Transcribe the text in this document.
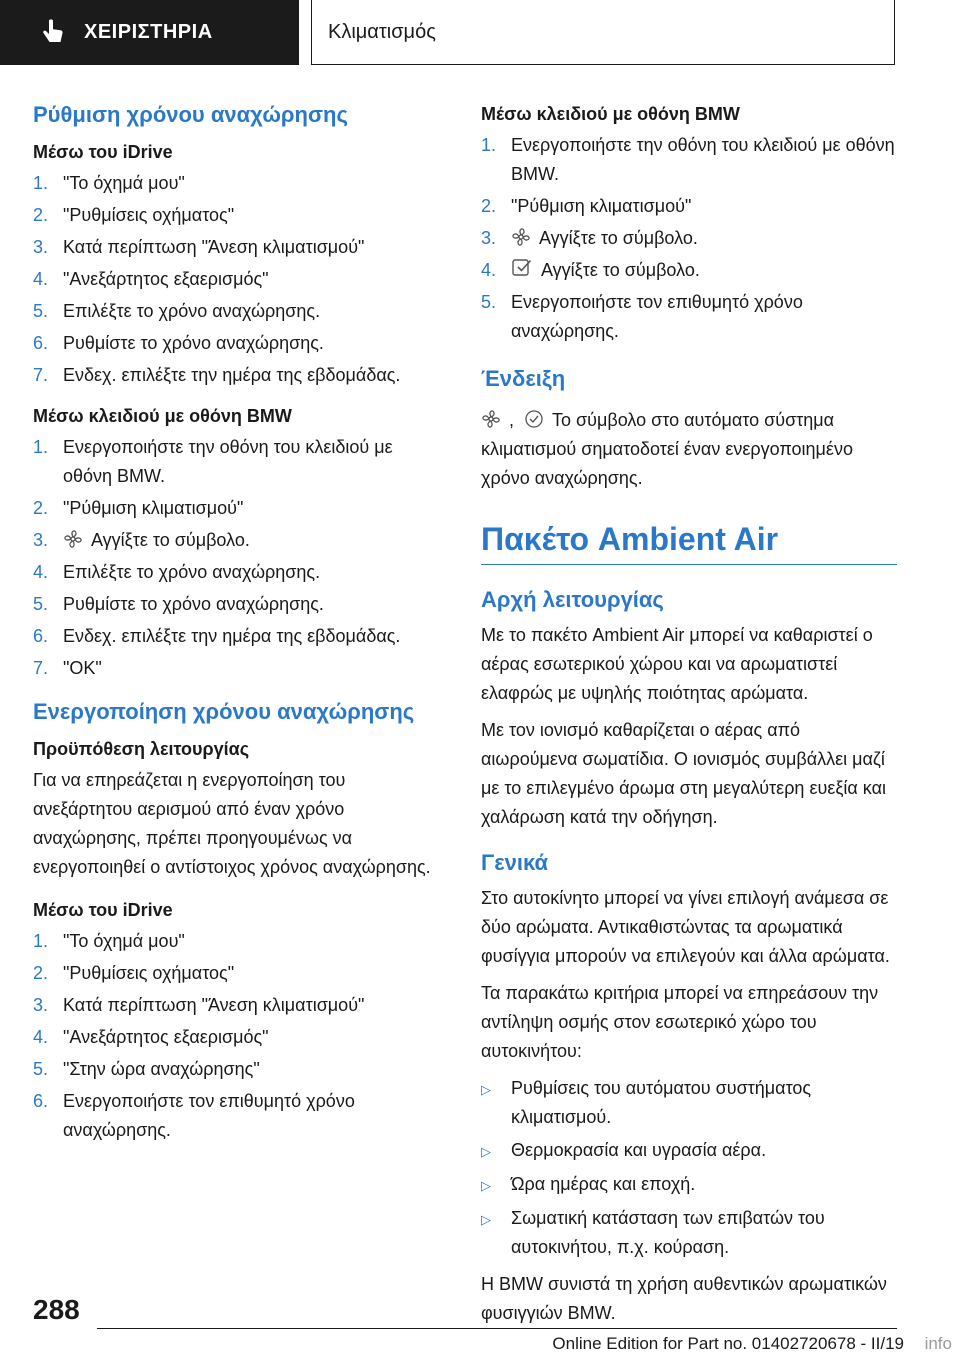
ΧΕΙΡΙΣΤΗΡΙΑ	Κλιματισμός
Ρύθμιση χρόνου αναχώρησης
Μέσω του iDrive
1. "Το όχημά μου"
2. "Ρυθμίσεις οχήματος"
3. Κατά περίπτωση "Άνεση κλιματισμού"
4. "Ανεξάρτητος εξαερισμός"
5. Επιλέξτε το χρόνο αναχώρησης.
6. Ρυθμίστε το χρόνο αναχώρησης.
7. Ενδεχ. επιλέξτε την ημέρα της εβδομάδας.
Μέσω κλειδιού με οθόνη BMW
1. Ενεργοποιήστε την οθόνη του κλειδιού με οθόνη BMW.
2. "Ρύθμιση κλιματισμού"
3.	Αγγίξτε το σύμβολο.
4. Επιλέξτε το χρόνο αναχώρησης.
5. Ρυθμίστε το χρόνο αναχώρησης.
6. Ενδεχ. επιλέξτε την ημέρα της εβδομάδας.
7. "OK"
Ενεργοποίηση χρόνου αναχώρησης
Προϋπόθεση λειτουργίας

Για να επηρεάζεται η ενεργοποίηση του ανεξάρτητου αερισμού από έναν χρόνο αναχώρησης, πρέπει προηγουμένως να ενεργοποιηθεί ο αντίστοιχος χρόνος αναχώρησης.

Μέσω του iDrive
1. "Το όχημά μου"
2. "Ρυθμίσεις οχήματος"
3. Κατά περίπτωση "Άνεση κλιματισμού"
4. "Ανεξάρτητος εξαερισμός"
5. "Στην ώρα αναχώρησης"
6. Ενεργοποιήστε τον επιθυμητό χρόνο αναχώρησης.
Μέσω κλειδιού με οθόνη BMW
1. Ενεργοποιήστε την οθόνη του κλειδιού με οθόνη BMW.
2. "Ρύθμιση κλιματισμού"
3.	Αγγίξτε το σύμβολο.
4.	Αγγίξτε το σύμβολο.
5. Ενεργοποιήστε τον επιθυμητό χρόνο αναχώρησης.
Ένδειξη

, Το σύμβολο στο αυτόματο σύστημα κλιματισμού σηματοδοτεί έναν ενεργοποιημένο χρόνο αναχώρησης.

Πακέτο Ambient Air
Αρχή λειτουργίας

Με το πακέτο Ambient Air μπορεί να καθαριστεί ο αέρας εσωτερικού χώρου και να αρωματιστεί ελαφρώς με υψηλής ποιότητας αρώματα.

Με τον ιονισμό καθαρίζεται ο αέρας από αιωρούμενα σωματίδια. Ο ιονισμός συμβάλλει μαζί με το επιλεγμένο άρωμα στη μεγαλύτερη ευεξία και χαλάρωση κατά την οδήγηση.

Γενικά

Στο αυτοκίνητο μπορεί να γίνει επιλογή ανάμεσα σε δύο αρώματα. Αντικαθιστώντας τα αρωματικά φυσίγγια μπορούν να επιλεγούν και άλλα αρώματα.

Τα παρακάτω κριτήρια μπορεί να επηρεάσουν την αντίληψη οσμής στον εσωτερικό χώρο του αυτοκινήτου:

▷	Ρυθμίσεις του αυτόματου συστήματος κλιματισμού.
▷	Θερμοκρασία και υγρασία αέρα.
▷	Ώρα ημέρας και εποχή.
▷	Σωματική κατάσταση των επιβατών του αυτοκινήτου, π.χ. κούραση.

Η BMW συνιστά τη χρήση αυθεντικών αρωματικών φυσιγγιών BMW.

288
Online Edition for Part no. 01402720678 - II/19 info
